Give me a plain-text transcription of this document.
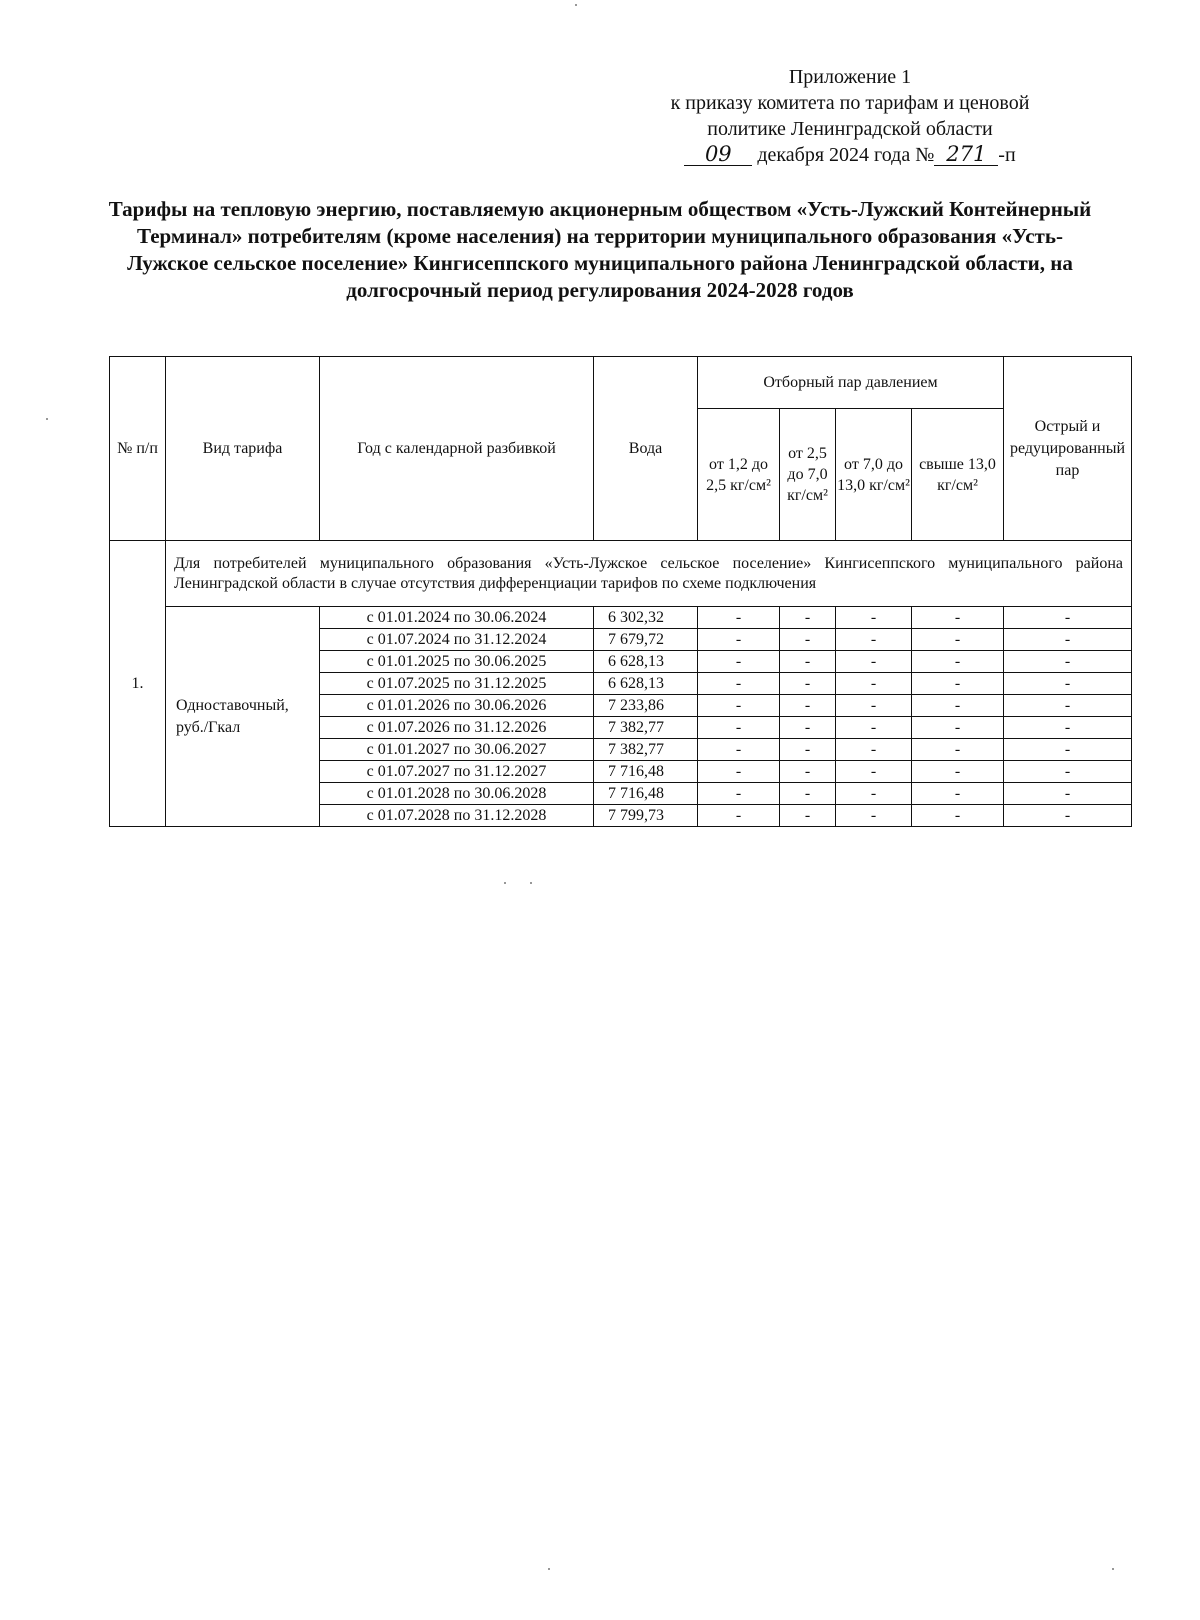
Приложение 1
к приказу комитета по тарифам и ценовой
политике Ленинградской области
09 декабря 2024 года № 271 -п
Тарифы на тепловую энергию, поставляемую акционерным обществом «Усть-Лужский Контейнерный Терминал» потребителям (кроме населения) на территории муниципального образования «Усть-Лужское сельское поселение» Кингисеппского муниципального района Ленинградской области, на долгосрочный период регулирования 2024-2028 годов
№ п/п	Вид тарифа	Год с календарной разбивкой	Вода	Отборный пар давлением				Острый и редуцированный пар
				от 1,2 до 2,5 кг/см²	от 2,5 до 7,0 кг/см²	от 7,0 до 13,0 кг/см²	свыше 13,0 кг/см²	
1.	Для потребителей муниципального образования «Усть-Лужское сельское поселение» Кингисеппского муниципального района Ленинградской области в случае отсутствия дифференциации тарифов по схеме подключения							
	Одноставочный, руб./Гкал	с 01.01.2024 по 30.06.2024	6 302,32	-	-	-	-	-
		с 01.07.2024 по 31.12.2024	7 679,72	-	-	-	-	-
		с 01.01.2025 по 30.06.2025	6 628,13	-	-	-	-	-
		с 01.07.2025 по 31.12.2025	6 628,13	-	-	-	-	-
		с 01.01.2026 по 30.06.2026	7 233,86	-	-	-	-	-
		с 01.07.2026 по 31.12.2026	7 382,77	-	-	-	-	-
		с 01.01.2027 по 30.06.2027	7 382,77	-	-	-	-	-
		с 01.07.2027 по 31.12.2027	7 716,48	-	-	-	-	-
		с 01.01.2028 по 30.06.2028	7 716,48	-	-	-	-	-
		с 01.07.2028 по 31.12.2028	7 799,73	-	-	-	-	-
